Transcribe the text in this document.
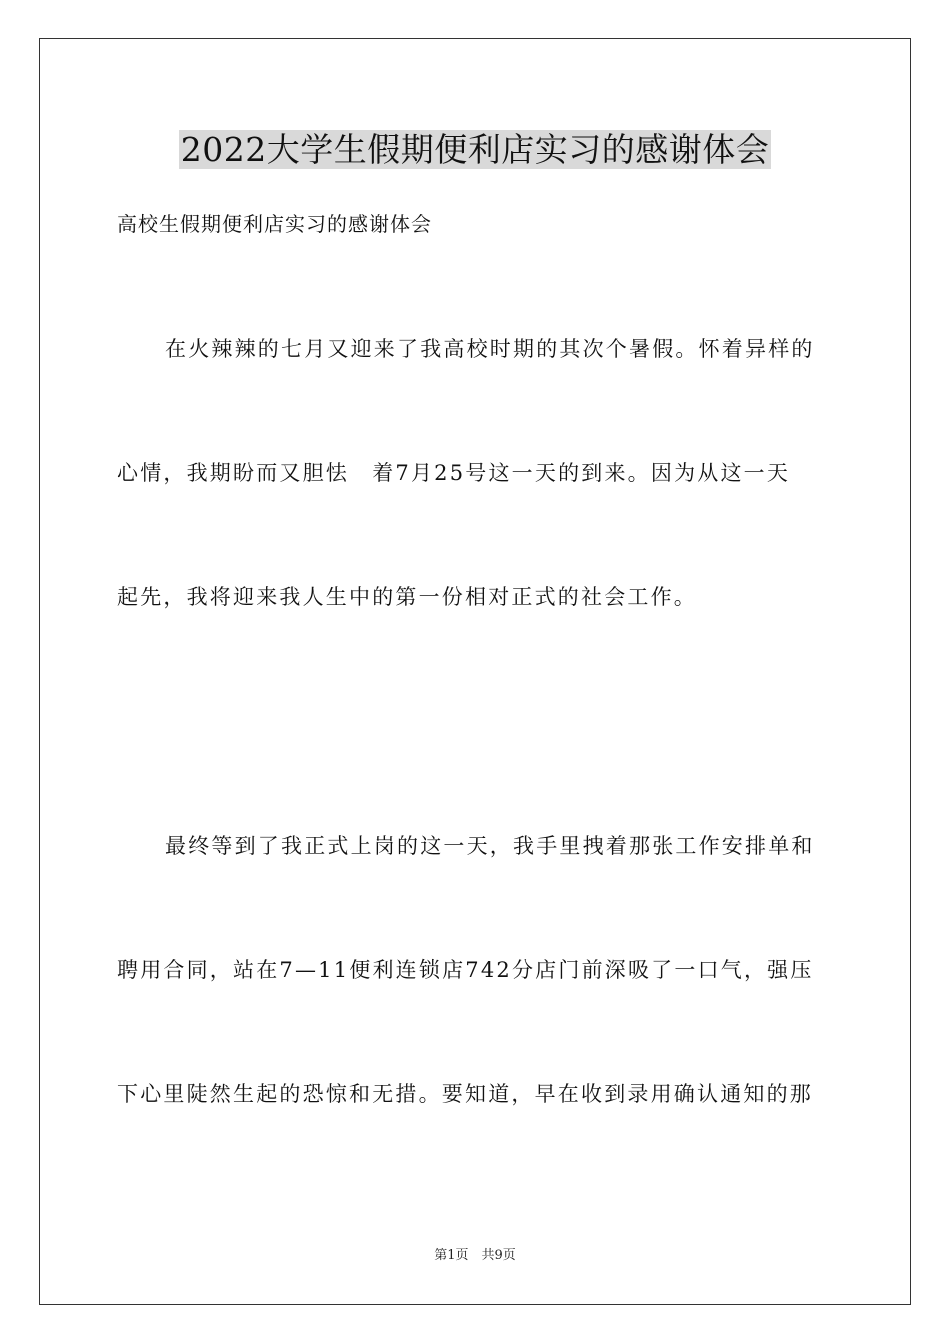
2022大学生假期便利店实习的感谢体会

高校生假期便利店实习的感谢体会

在火辣辣的七月又迎来了我高校时期的其次个暑假。怀着异样的

心情，我期盼而又胆怯　着7月25号这一天的到来。因为从这一天

起先，我将迎来我人生中的第一份相对正式的社会工作。

最终等到了我正式上岗的这一天，我手里拽着那张工作安排单和

聘用合同，站在7—11便利连锁店742分店门前深吸了一口气，强压

下心里陡然生起的恐惊和无措。要知道，早在收到录用确认通知的那

第1页　共9页
